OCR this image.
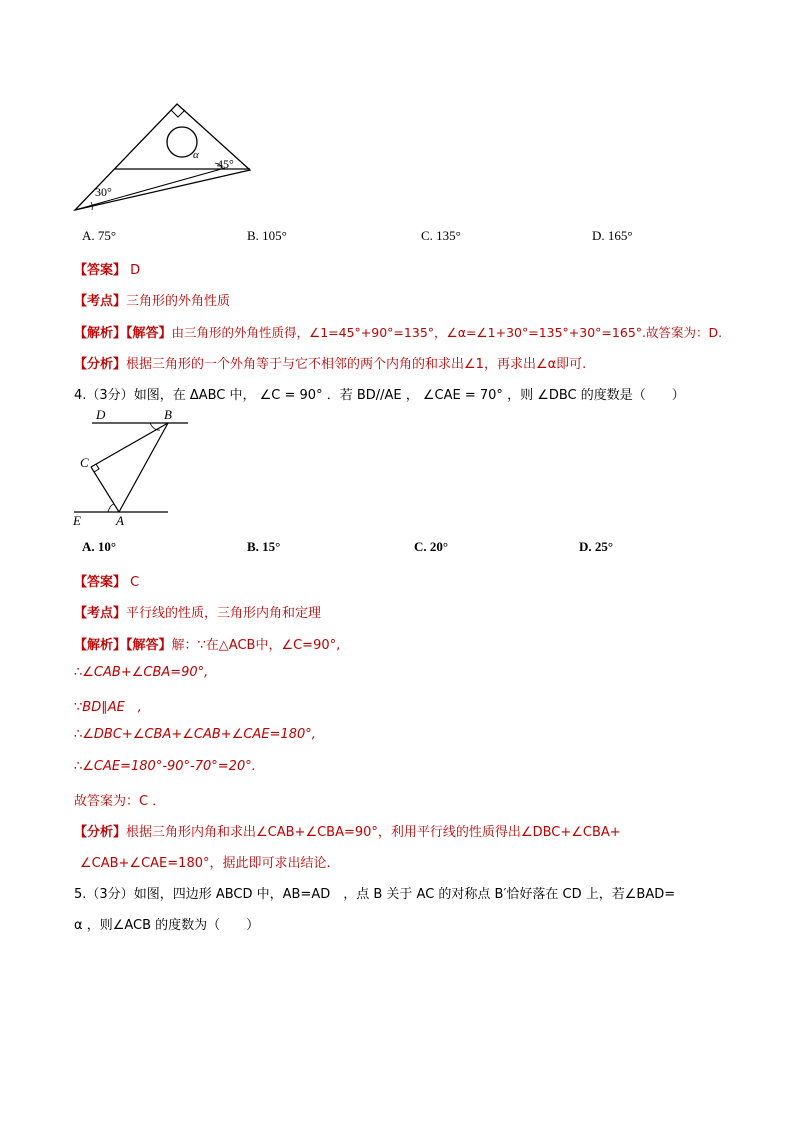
α
45°
30°
A. 75°	B. 105°	C. 135°	D. 165°
【答案】 D
【考点】三角形的外角性质
【解析】【解答】由三角形的外角性质得，∠1=45°+90°=135°，∠α=∠1+30°=135°+30°=165°.故答案为：D.
【分析】根据三角形的一个外角等于与它不相邻的两个内角的和求出∠1，再求出∠α即可.
4.（3分）如图，在 ΔABC 中， ∠C = 90° ．若 BD//AE ， ∠CAE = 70° ，则 ∠DBC 的度数是（　　）
D	B
C
E	A
A. 10°	B. 15°	C. 20°	D. 25°
【答案】 C
【考点】平行线的性质，三角形内角和定理
【解析】【解答】解：∵在△ACB中，∠C=90°,
∴∠CAB+∠CBA=90°,
∵BD∥AE　,
∴∠DBC+∠CBA+∠CAB+∠CAE=180°,
∴∠CAE=180°-90°-70°=20°.
故答案为：C ．
【分析】根据三角形内角和求出∠CAB+∠CBA=90°，利用平行线的性质得出∠DBC+∠CBA+
∠CAB+∠CAE=180°，据此即可求出结论.
5.（3分）如图，四边形 ABCD 中，AB=AD　，点 B 关于 AC 的对称点 B′恰好落在 CD 上，若∠BAD=
α ，则∠ACB 的度数为（　　）
